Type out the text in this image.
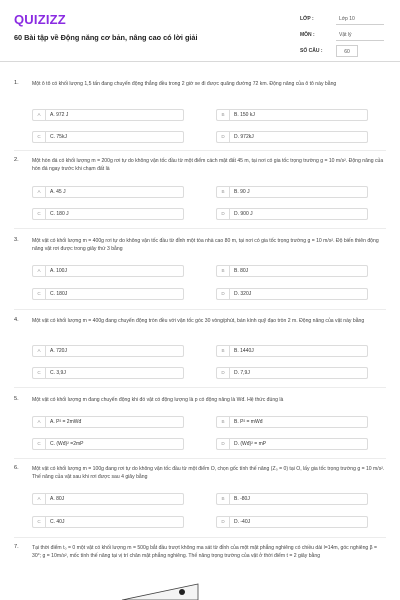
QUIZIZZ
60 Bài tập về Động năng cơ bản, nâng cao có lời giải
LỚP :	Lớp 10
MÔN :	Vật lý
SỐ CÂU :	60
1.	Một ô tô có khối lượng 1,5 tấn đang chuyển động thẳng đều trong 2 giờ xe đi được quãng đường 72 km. Động năng của ô tô này bằng
A	A. 972 J	B	B. 150 kJ
C	C. 75kJ	D	D. 972kJ
2.	Một hòn đá có khối lượng m = 200g rơi tự do không vận tốc đầu từ một điểm cách mặt đất 45 m, tại nơi có gia tốc trọng trường g = 10 m/s². Động năng của hòn đá ngay trước khi chạm đất là
A	A. 45 J	B	B. 90 J
C	C. 180 J	D	D. 900 J
3.	Một vật có khối lượng m = 400g rơi tự do không vận tốc đầu từ đỉnh một tòa nhà cao 80 m, tại nơi có gia tốc trọng trường g = 10 m/s². Độ biến thiên động năng vật rơi được trong giây thứ 3 bằng
A	A. 100J	B	B. 80J
C	C. 180J	D	D. 320J
4.	Một vật có khối lượng m = 400g đang chuyển động tròn đều với vận tốc góc 30 vòng/phút, bán kính quỹ đạo tròn 2 m. Động năng của vật này bằng
A	A. 720J	B	B. 1440J
C	C. 3,9J	D	D. 7,9J
5.	Một vật có khối lượng m đang chuyển động khi đó vật có động lượng là p có động năng là Wđ. Hệ thức đúng là
A	A. P² = 2mWđ	B	B. P² = mWđ
C	C. (Wđ)² =2mP	D	D. (Wđ)² = mP
6.	Một vật có khối lượng m = 100g đang rơi tự do không vận tốc đầu từ một điểm O, chọn gốc tính thế năng (Z₀ = 0) tại O, lấy gia tốc trọng trường g = 10 m/s². Thế năng của vật sau khi rơi được sau 4 giây bằng
A	A. 80J	B	B. -80J
C	C. 40J	D	D. -40J
7.	Tại thời điểm t₀ = 0 một vật có khối lượng m = 500g bắt đầu trượt không ma sát từ đỉnh của một mặt phẳng nghiêng có chiều dài l=14m, góc nghiêng β = 30°; g = 10m/s², mốc tính thế năng tại vị trí chân mặt phẳng nghiêng. Thế năng trọng trường của vật ở thời điểm t = 2 giây bằng
